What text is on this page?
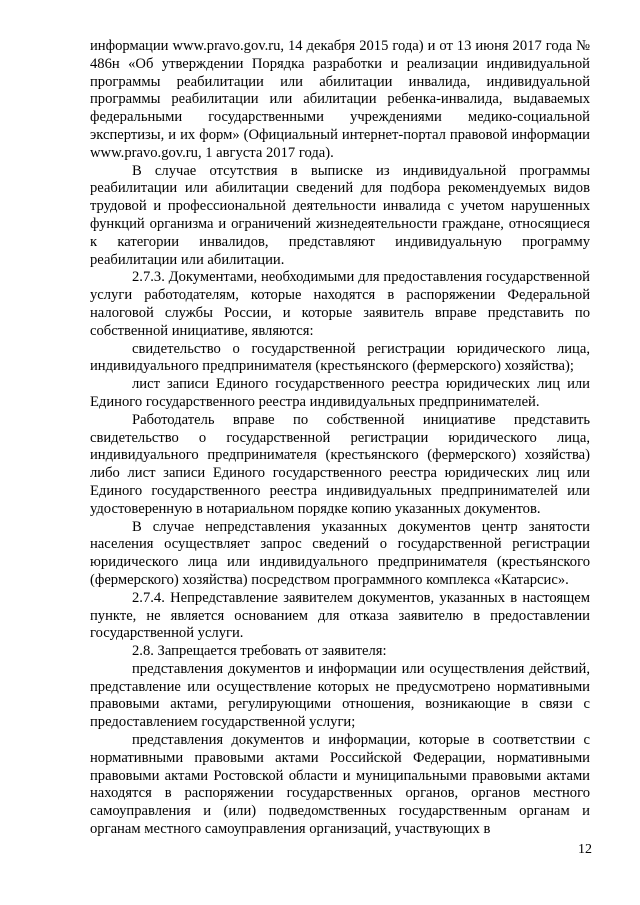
информации www.pravo.gov.ru, 14 декабря 2015 года) и от 13 июня 2017 года № 486н «Об утверждении Порядка разработки и реализации индивидуальной программы реабилитации или абилитации инвалида, индивидуальной программы реабилитации или абилитации ребенка-инвалида, выдаваемых федеральными государственными учреждениями медико-социальной экспертизы, и их форм» (Официальный интернет-портал правовой информации www.pravo.gov.ru, 1 августа 2017 года).

В случае отсутствия в выписке из индивидуальной программы реабилитации или абилитации сведений для подбора рекомендуемых видов трудовой и профессиональной деятельности инвалида с учетом нарушенных функций организма и ограничений жизнедеятельности граждане, относящиеся к категории инвалидов, представляют индивидуальную программу реабилитации или абилитации.

2.7.3. Документами, необходимыми для предоставления государственной услуги работодателям, которые находятся в распоряжении Федеральной налоговой службы России, и которые заявитель вправе представить по собственной инициативе, являются:

свидетельство о государственной регистрации юридического лица, индивидуального предпринимателя (крестьянского (фермерского) хозяйства);

лист записи Единого государственного реестра юридических лиц или Единого государственного реестра индивидуальных предпринимателей.

Работодатель вправе по собственной инициативе представить свидетельство о государственной регистрации юридического лица, индивидуального предпринимателя (крестьянского (фермерского) хозяйства) либо лист записи Единого государственного реестра юридических лиц или Единого государственного реестра индивидуальных предпринимателей или удостоверенную в нотариальном порядке копию указанных документов.

В случае непредставления указанных документов центр занятости населения осуществляет запрос сведений о государственной регистрации юридического лица или индивидуального предпринимателя (крестьянского (фермерского) хозяйства) посредством программного комплекса «Катарсис».

2.7.4. Непредставление заявителем документов, указанных в настоящем пункте, не является основанием для отказа заявителю в предоставлении государственной услуги.

2.8. Запрещается требовать от заявителя:

представления документов и информации или осуществления действий, представление или осуществление которых не предусмотрено нормативными правовыми актами, регулирующими отношения, возникающие в связи с предоставлением государственной услуги;

представления документов и информации, которые в соответствии с нормативными правовыми актами Российской Федерации, нормативными правовыми актами Ростовской области и муниципальными правовыми актами находятся в распоряжении государственных органов, органов местного самоуправления и (или) подведомственных государственным органам и органам местного самоуправления организаций, участвующих в

12
